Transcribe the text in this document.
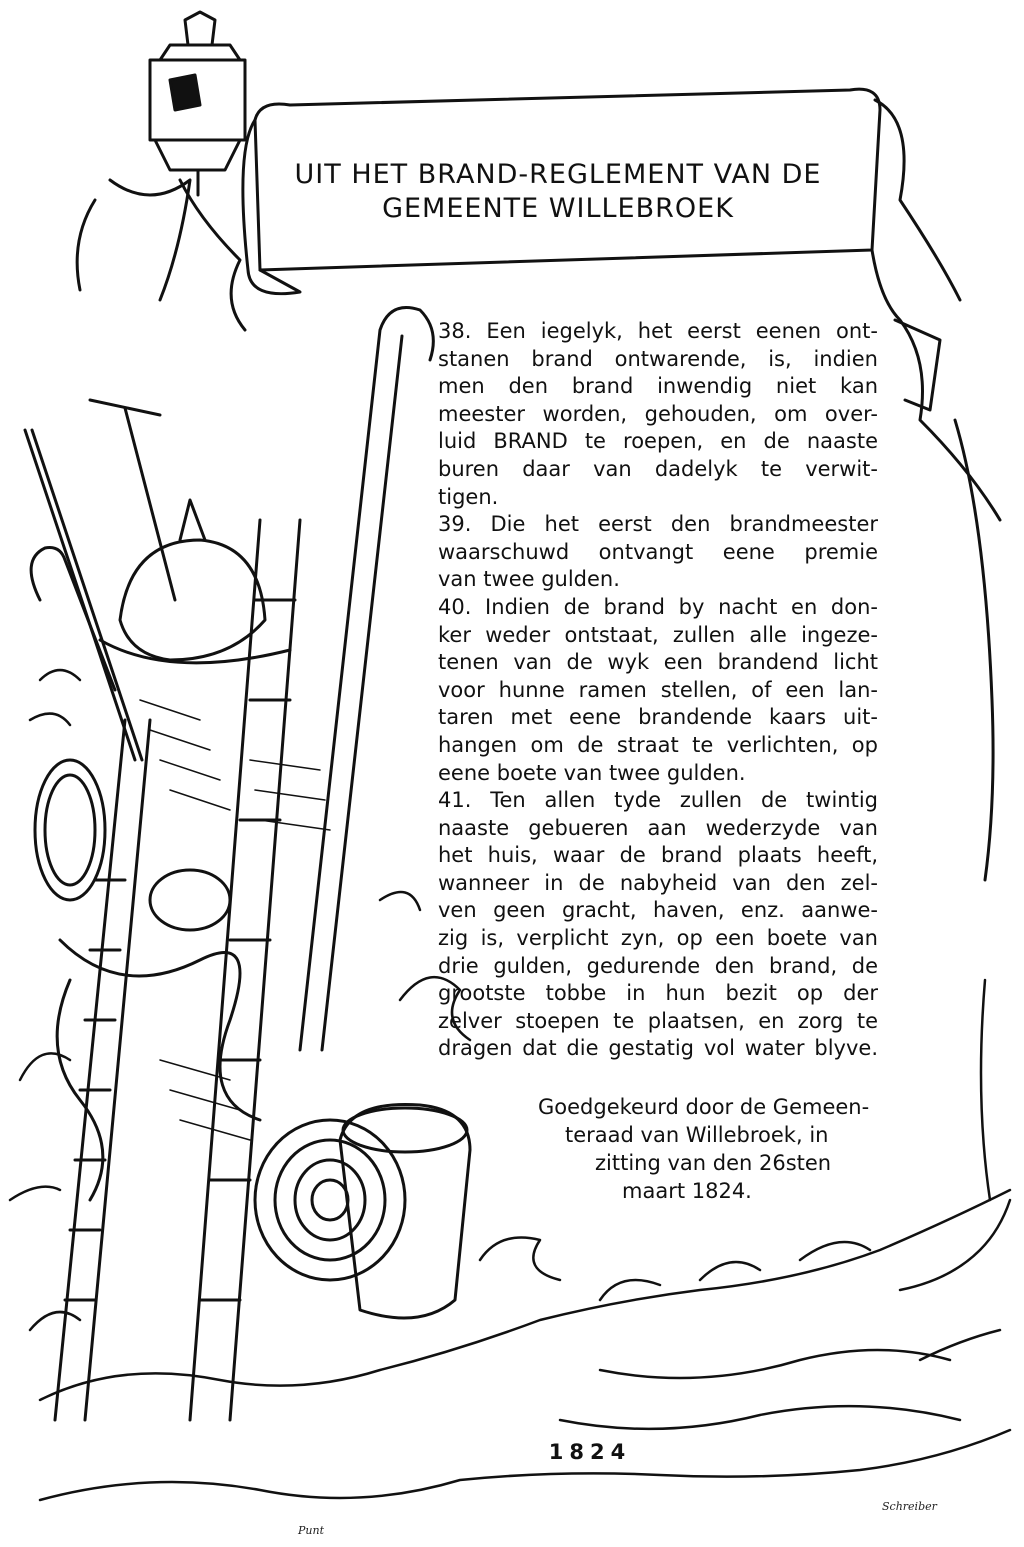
UIT HET BRAND-REGLEMENT VAN DE
GEMEENTE WILLEBROEK
38. Een iegelyk, het eerst eenen ont-
stanen brand ontwarende, is, indien
men den brand inwendig niet kan
meester worden, gehouden, om over-
luid BRAND te roepen, en de naaste
buren daar van dadelyk te verwit-
tigen.
39. Die het eerst den brandmeester
waarschuwd ontvangt eene premie
van twee gulden.
40. Indien de brand by nacht en don-
ker weder ontstaat, zullen alle ingeze-
tenen van de wyk een brandend licht
voor hunne ramen stellen, of een lan-
taren met eene brandende kaars uit-
hangen om de straat te verlichten, op
eene boete van twee gulden.
41. Ten allen tyde zullen de twintig
naaste gebueren aan wederzyde van
het huis, waar de brand plaats heeft,
wanneer in de nabyheid van den zel-
ven geen gracht, haven, enz. aanwe-
zig is, verplicht zyn, op een boete van
drie gulden, gedurende den brand, de
grootste tobbe in hun bezit op der
zelver stoepen te plaatsen, en zorg te
dragen dat die gestatig vol water blyve.
Goedgekeurd door de Gemeen-
teraad van Willebroek, in
zitting van den 26sten
maart 1824.
1824
Schreiber
Punt
